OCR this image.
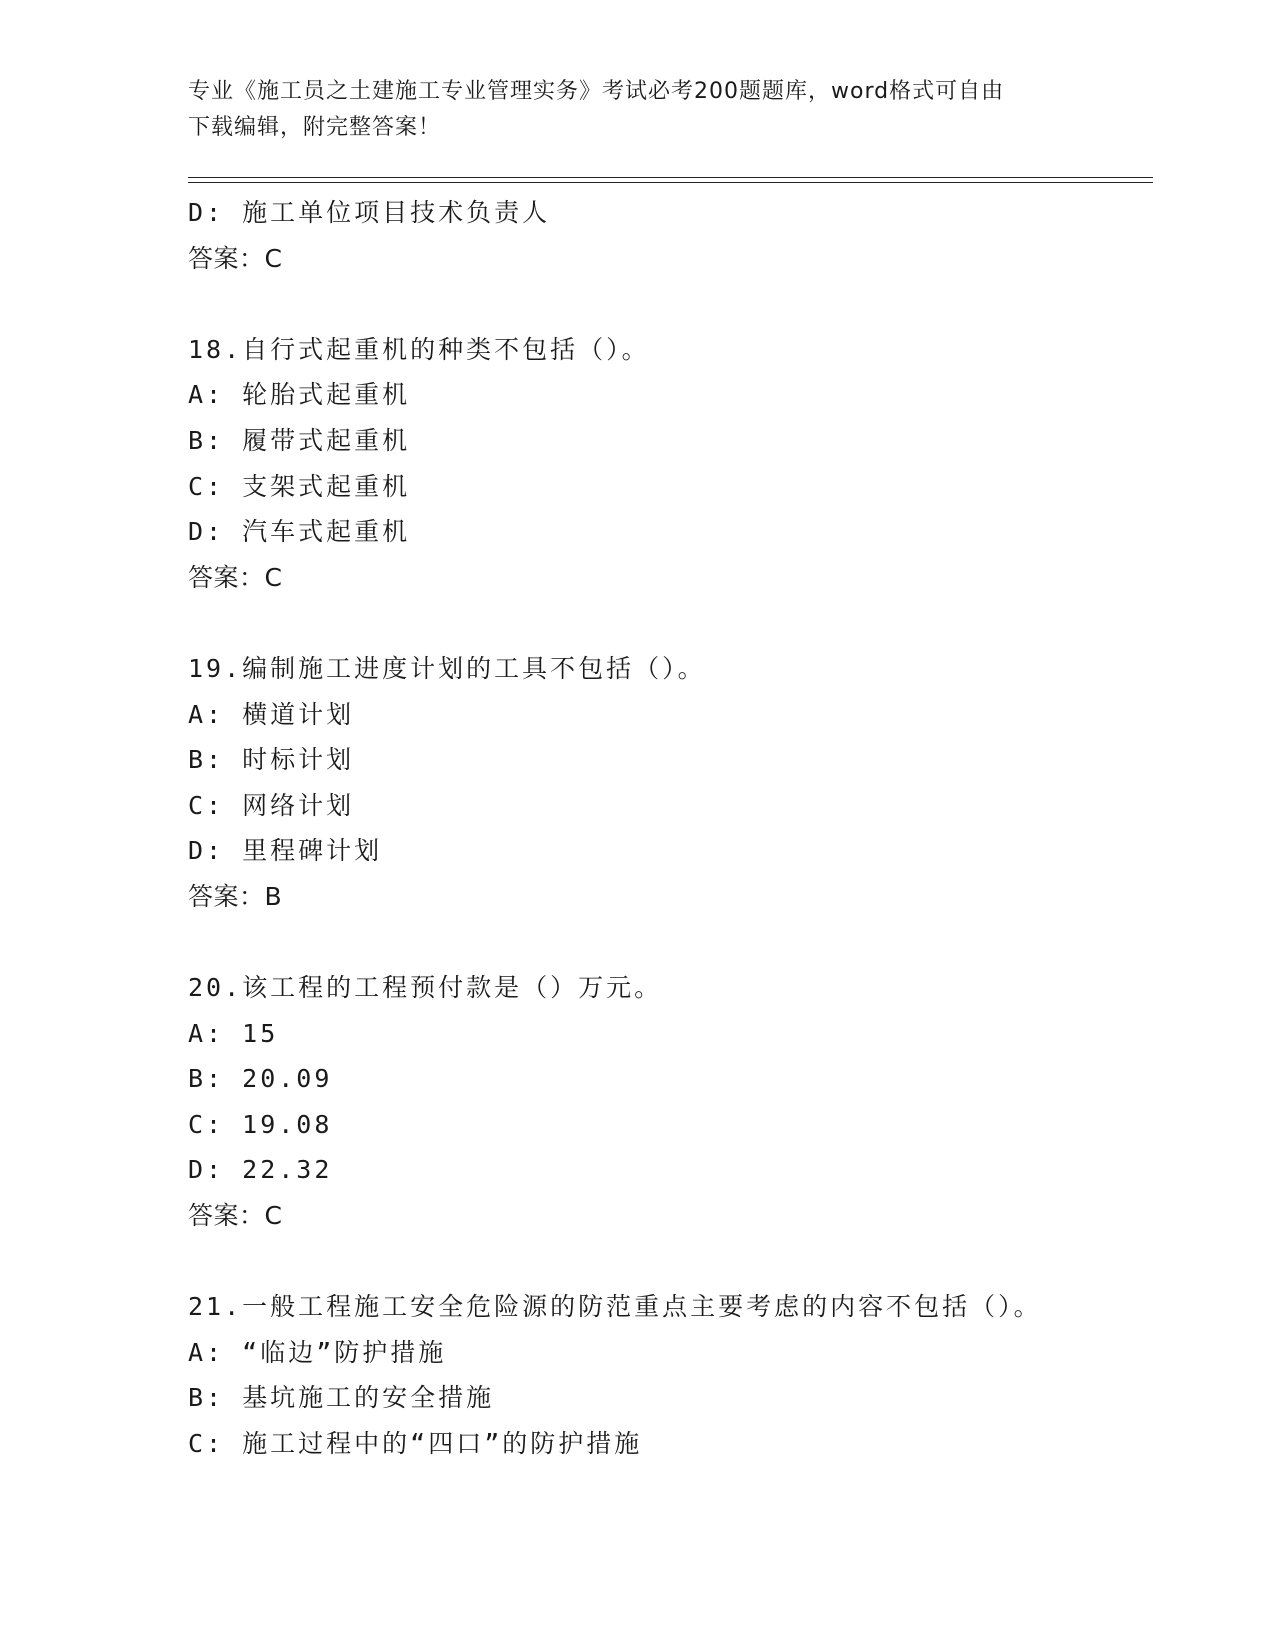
专业《施工员之土建施工专业管理实务》考试必考200题题库，word格式可自由
下载编辑，附完整答案！
D: 施工单位项目技术负责人
答案：C
18.自行式起重机的种类不包括（）。
A: 轮胎式起重机
B: 履带式起重机
C: 支架式起重机
D: 汽车式起重机
答案：C
19.编制施工进度计划的工具不包括（）。
A: 横道计划
B: 时标计划
C: 网络计划
D: 里程碑计划
答案：B
20.该工程的工程预付款是（）万元。
A: 15
B: 20.09
C: 19.08
D: 22.32
答案：C
21.一般工程施工安全危险源的防范重点主要考虑的内容不包括（）。
A: “临边”防护措施
B: 基坑施工的安全措施
C: 施工过程中的“四口”的防护措施
